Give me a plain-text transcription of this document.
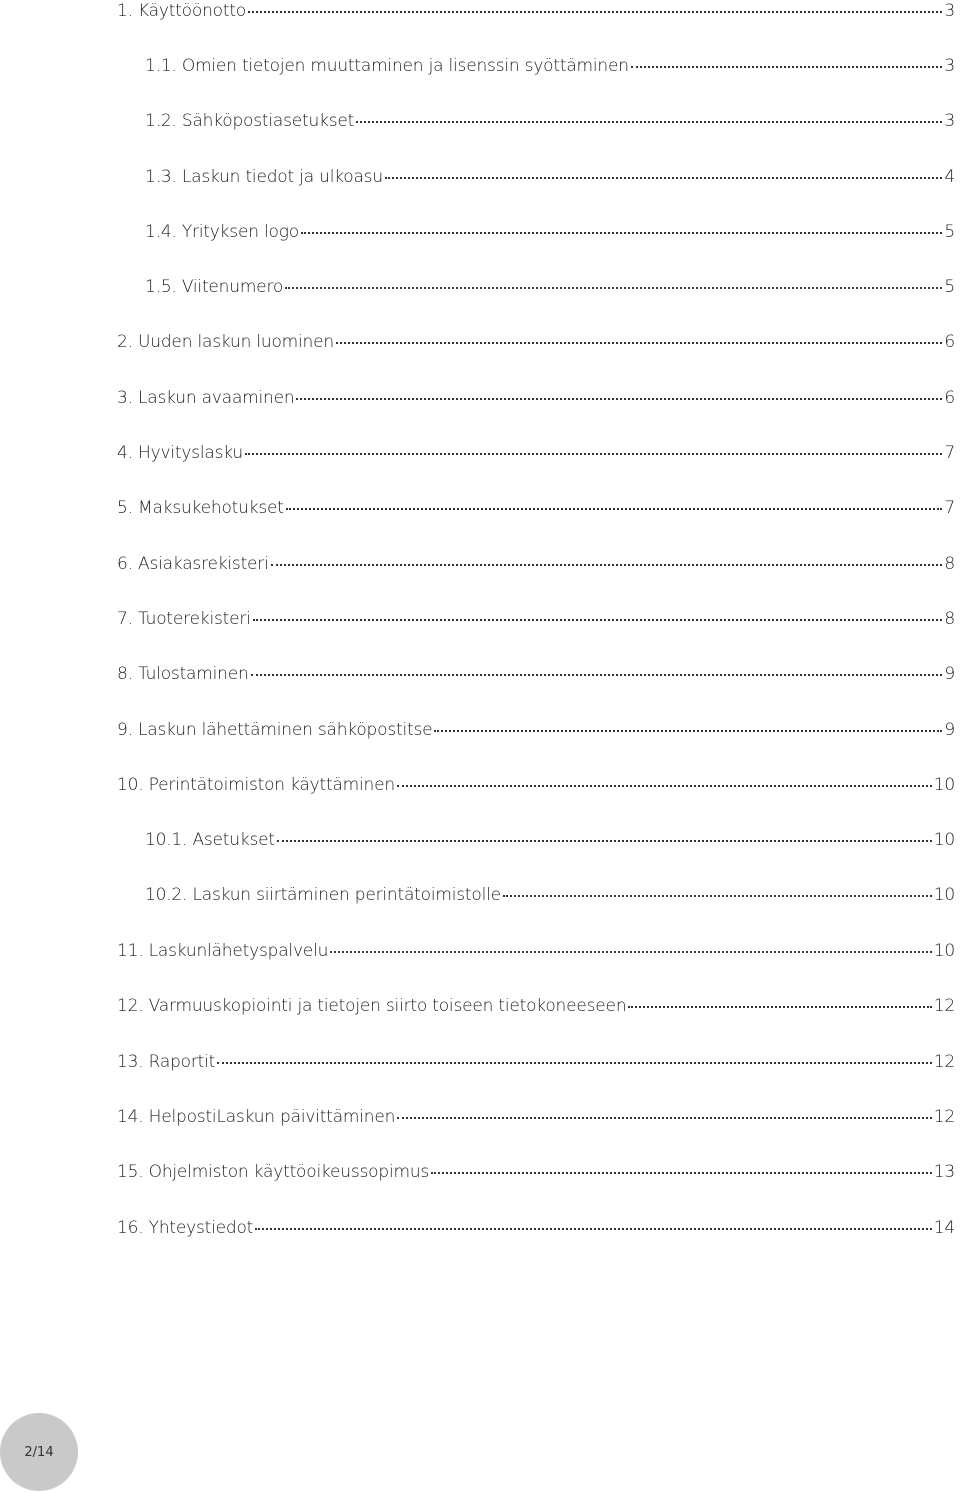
1. Käyttöönotto	3
1.1. Omien tietojen muuttaminen ja lisenssin syöttäminen	3
1.2. Sähköpostiasetukset	3
1.3. Laskun tiedot ja ulkoasu	4
1.4. Yrityksen logo	5
1.5. Viitenumero	5
2. Uuden laskun luominen	6
3. Laskun avaaminen	6
4. Hyvityslasku	7
5. Maksukehotukset	7
6. Asiakasrekisteri	8
7. Tuoterekisteri	8
8. Tulostaminen	9
9. Laskun lähettäminen sähköpostitse	9
10. Perintätoimiston käyttäminen	10
10.1. Asetukset	10
10.2. Laskun siirtäminen perintätoimistolle	10
11. Laskunlähetyspalvelu	10
12. Varmuuskopiointi ja tietojen siirto toiseen tietokoneeseen	12
13. Raportit	12
14. HelpostiLaskun päivittäminen	12
15. Ohjelmiston käyttöoikeussopimus	13
16. Yhteystiedot	14
2/14
